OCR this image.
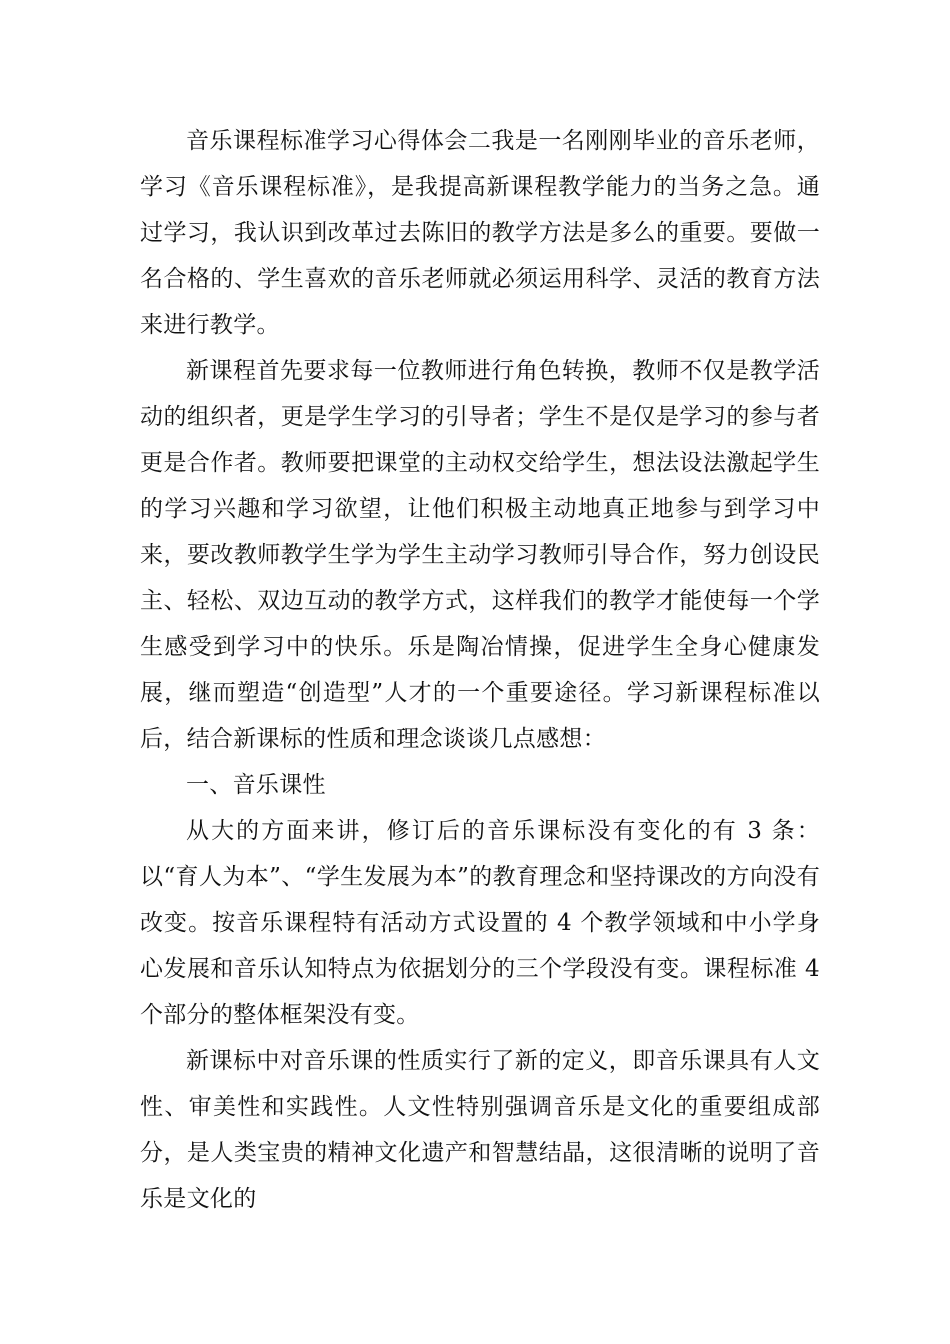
音乐课程标准学习心得体会二我是一名刚刚毕业的音乐老师，学习《音乐课程标准》，是我提高新课程教学能力的当务之急。通过学习，我认识到改革过去陈旧的教学方法是多么的重要。要做一名合格的、学生喜欢的音乐老师就必须运用科学、灵活的教育方法来进行教学。

新课程首先要求每一位教师进行角色转换，教师不仅是教学活动的组织者，更是学生学习的引导者；学生不是仅是学习的参与者更是合作者。教师要把课堂的主动权交给学生，想法设法激起学生的学习兴趣和学习欲望，让他们积极主动地真正地参与到学习中来，要改教师教学生学为学生主动学习教师引导合作，努力创设民主、轻松、双边互动的教学方式，这样我们的教学才能使每一个学生感受到学习中的快乐。乐是陶冶情操，促进学生全身心健康发展，继而塑造“创造型”人才的一个重要途径。学习新课程标准以后，结合新课标的性质和理念谈谈几点感想：

一、音乐课性

从大的方面来讲，修订后的音乐课标没有变化的有 3 条：以“育人为本”、“学生发展为本”的教育理念和坚持课改的方向没有改变。按音乐课程特有活动方式设置的 4 个教学领域和中小学身心发展和音乐认知特点为依据划分的三个学段没有变。课程标准 4 个部分的整体框架没有变。

新课标中对音乐课的性质实行了新的定义，即音乐课具有人文性、审美性和实践性。人文性特别强调音乐是文化的重要组成部分，是人类宝贵的精神文化遗产和智慧结晶，这很清晰的说明了音乐是文化的
